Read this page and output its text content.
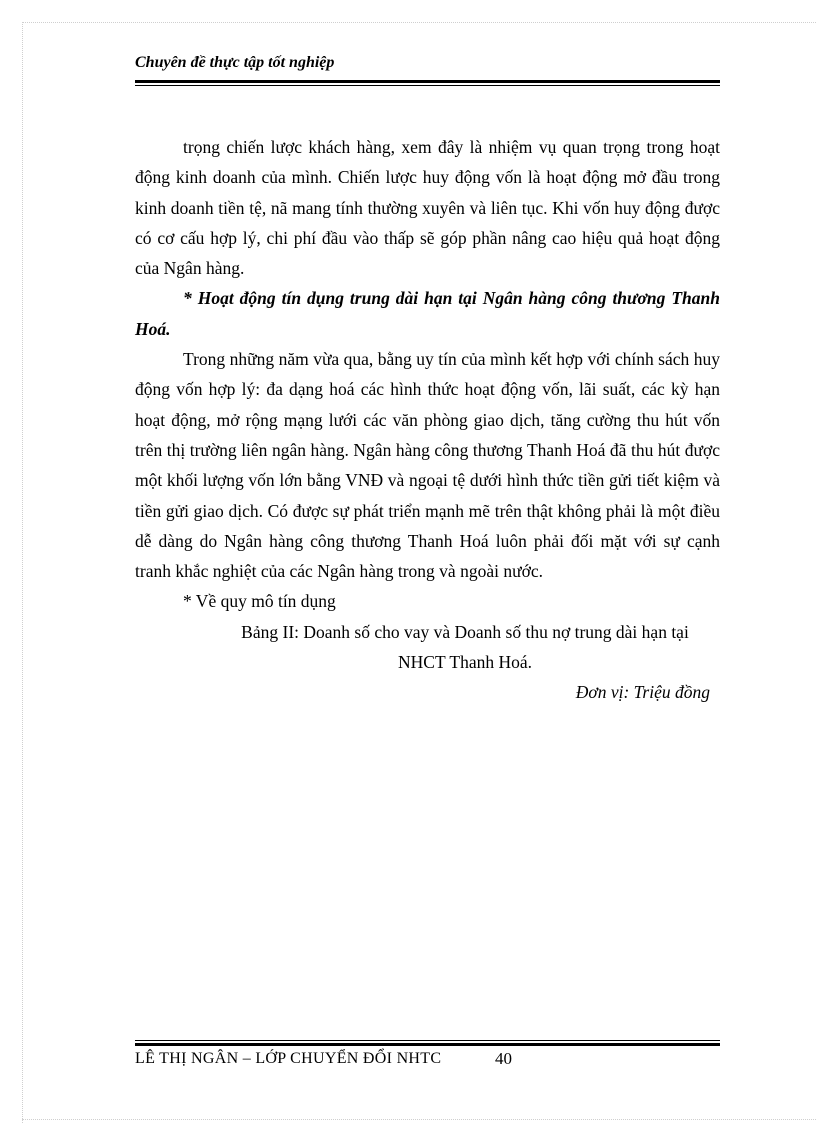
Chuyên đề thực tập tốt nghiệp

trọng chiến lược khách hàng, xem đây là nhiệm vụ quan trọng trong hoạt động kinh doanh của mình. Chiến lược huy động vốn là hoạt động mở đầu trong kinh doanh tiền tệ, nã mang tính thường xuyên và liên tục. Khi vốn huy động được có cơ cấu hợp lý, chi phí đầu vào thấp sẽ góp phần nâng cao hiệu quả hoạt động của Ngân hàng.

* Hoạt động tín dụng trung dài hạn tại Ngân hàng công thương Thanh Hoá.

Trong những năm vừa qua, bằng uy tín của mình kết hợp với chính sách huy động vốn hợp lý: đa dạng hoá các hình thức hoạt động vốn, lãi suất, các kỳ hạn hoạt động, mở rộng mạng lưới các văn phòng giao dịch, tăng cường thu hút vốn trên thị trường liên ngân hàng. Ngân hàng công thương Thanh Hoá đã thu hút được một khối lượng vốn lớn bằng VNĐ và ngoại tệ dưới hình thức tiền gửi tiết kiệm và tiền gửi giao dịch. Có được sự phát triển mạnh mẽ trên thật không phải là một điều dễ dàng do Ngân hàng công thương Thanh Hoá luôn phải đối mặt với sự cạnh tranh khắc nghiệt của các Ngân hàng trong và ngoài nước.

* Về quy mô tín dụng

Bảng II: Doanh số cho vay và Doanh số thu nợ trung dài hạn tại

NHCT Thanh Hoá.

Đơn vị: Triệu đồng

LÊ THỊ NGÂN – LỚP CHUYỂN ĐỔI NHTC	40
